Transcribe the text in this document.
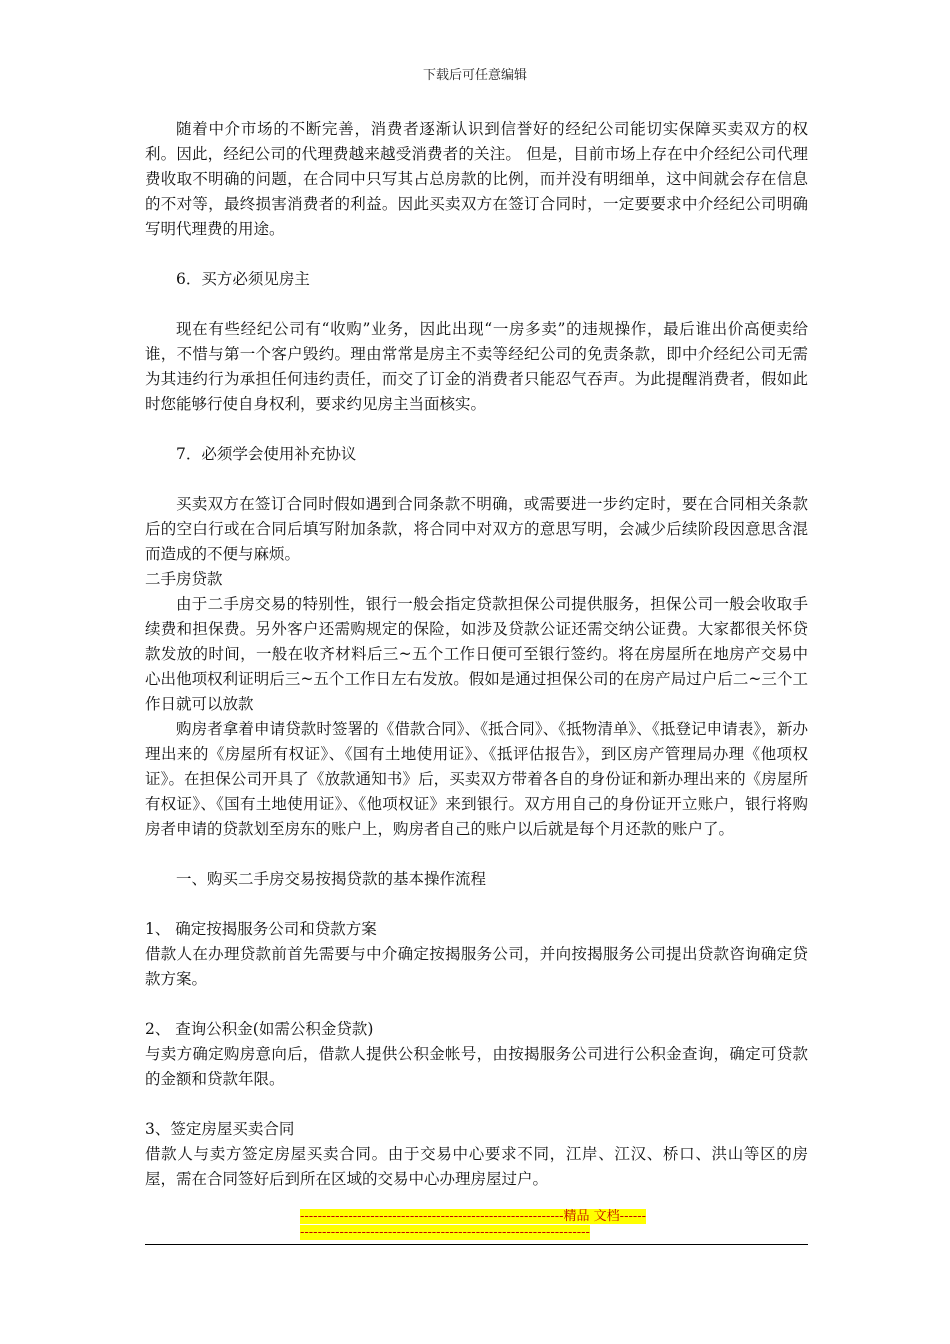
下载后可任意编辑

随着中介市场的不断完善，消费者逐渐认识到信誉好的经纪公司能切实保障买卖双方的权利。因此，经纪公司的代理费越来越受消费者的关注。 但是，目前市场上存在中介经纪公司代理费收取不明确的问题，在合同中只写其占总房款的比例，而并没有明细单，这中间就会存在信息的不对等，最终损害消费者的利益。因此买卖双方在签订合同时，一定要要求中介经纪公司明确写明代理费的用途。

6．买方必须见房主

现在有些经纪公司有“收购”业务，因此出现“一房多卖”的违规操作，最后谁出价高便卖给谁，不惜与第一个客户毁约。理由常常是房主不卖等经纪公司的免责条款，即中介经纪公司无需为其违约行为承担任何违约责任，而交了订金的消费者只能忍气吞声。为此提醒消费者，假如此时您能够行使自身权利，要求约见房主当面核实。

7．必须学会使用补充协议

买卖双方在签订合同时假如遇到合同条款不明确，或需要进一步约定时，要在合同相关条款后的空白行或在合同后填写附加条款，将合同中对双方的意思写明，会减少后续阶段因意思含混而造成的不便与麻烦。

二手房贷款

由于二手房交易的特别性，银行一般会指定贷款担保公司提供服务，担保公司一般会收取手续费和担保费。另外客户还需购规定的保险，如涉及贷款公证还需交纳公证费。大家都很关怀贷款发放的时间，一般在收齐材料后三~五个工作日便可至银行签约。将在房屋所在地房产交易中心出他项权利证明后三~五个工作日左右发放。假如是通过担保公司的在房产局过户后二~三个工作日就可以放款

购房者拿着申请贷款时签署的《借款合同》、《抵合同》、《抵物清单》、《抵登记申请表》，新办理出来的《房屋所有权证》、《国有土地使用证》、《抵评估报告》，到区房产管理局办理《他项权证》。在担保公司开具了《放款通知书》后，买卖双方带着各自的身份证和新办理出来的《房屋所有权证》、《国有土地使用证》、《他项权证》来到银行。双方用自己的身份证开立账户，银行将购房者申请的贷款划至房东的账户上，购房者自己的账户以后就是每个月还款的账户了。

一、购买二手房交易按揭贷款的基本操作流程

1、 确定按揭服务公司和贷款方案

借款人在办理贷款前首先需要与中介确定按揭服务公司，并向按揭服务公司提出贷款咨询确定贷款方案。

2、 查询公积金(如需公积金贷款)

与卖方确定购房意向后，借款人提供公积金帐号，由按揭服务公司进行公积金查询，确定可贷款的金额和贷款年限。

3、签定房屋买卖合同

借款人与卖方签定房屋买卖合同。由于交易中心要求不同，江岸、江汉、桥口、洪山等区的房屋，需在合同签好后到所在区域的交易中心办理房屋过户。

------------------------------------------------------------精品 文档------------------------------------------------------------------------
